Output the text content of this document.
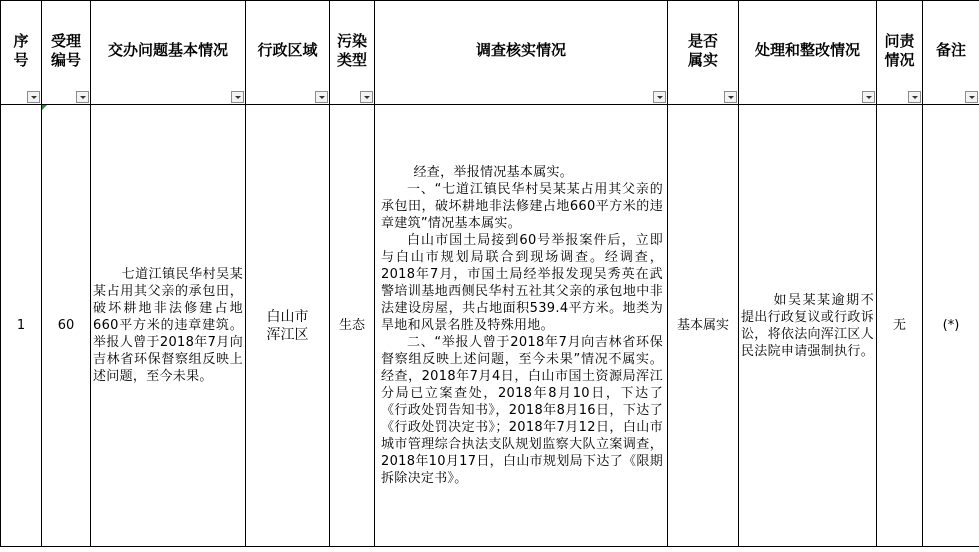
序号	受理编号	交办问题基本情况	行政区域	污染类型	调查核实情况	是否属实	处理和整改情况	问责情况	备注

1	60	七道江镇民华村吴某某占用其父亲的承包田，破坏耕地非法修建占地660平方米的违章建筑。举报人曾于2018年7月向吉林省环保督察组反映上述问题，至今未果。	白山市浑江区	生态	经查，举报情况基本属实。

一、“七道江镇民华村吴某某占用其父亲的承包田，破坏耕地非法修建占地660平方米的违章建筑”情况基本属实。

白山市国土局接到60号举报案件后，立即与白山市规划局联合到现场调查。经调查，2018年7月，市国土局经举报发现吴秀英在武警培训基地西侧民华村五社其父亲的承包地中非法建设房屋，共占地面积539.4平方米。地类为旱地和风景名胜及特殊用地。

二、“举报人曾于2018年7月向吉林省环保督察组反映上述问题，至今未果”情况不属实。经查，2018年7月4日，白山市国土资源局浑江分局已立案查处，2018年8月10日，下达了《行政处罚告知书》，2018年8月16日，下达了《行政处罚决定书》；2018年7月12日，白山市城市管理综合执法支队规划监察大队立案调查，2018年10月17日，白山市规划局下达了《限期拆除决定书》。	基本属实	如吴某某逾期不提出行政复议或行政诉讼，将依法向浑江区人民法院申请强制执行。	无	(*)
